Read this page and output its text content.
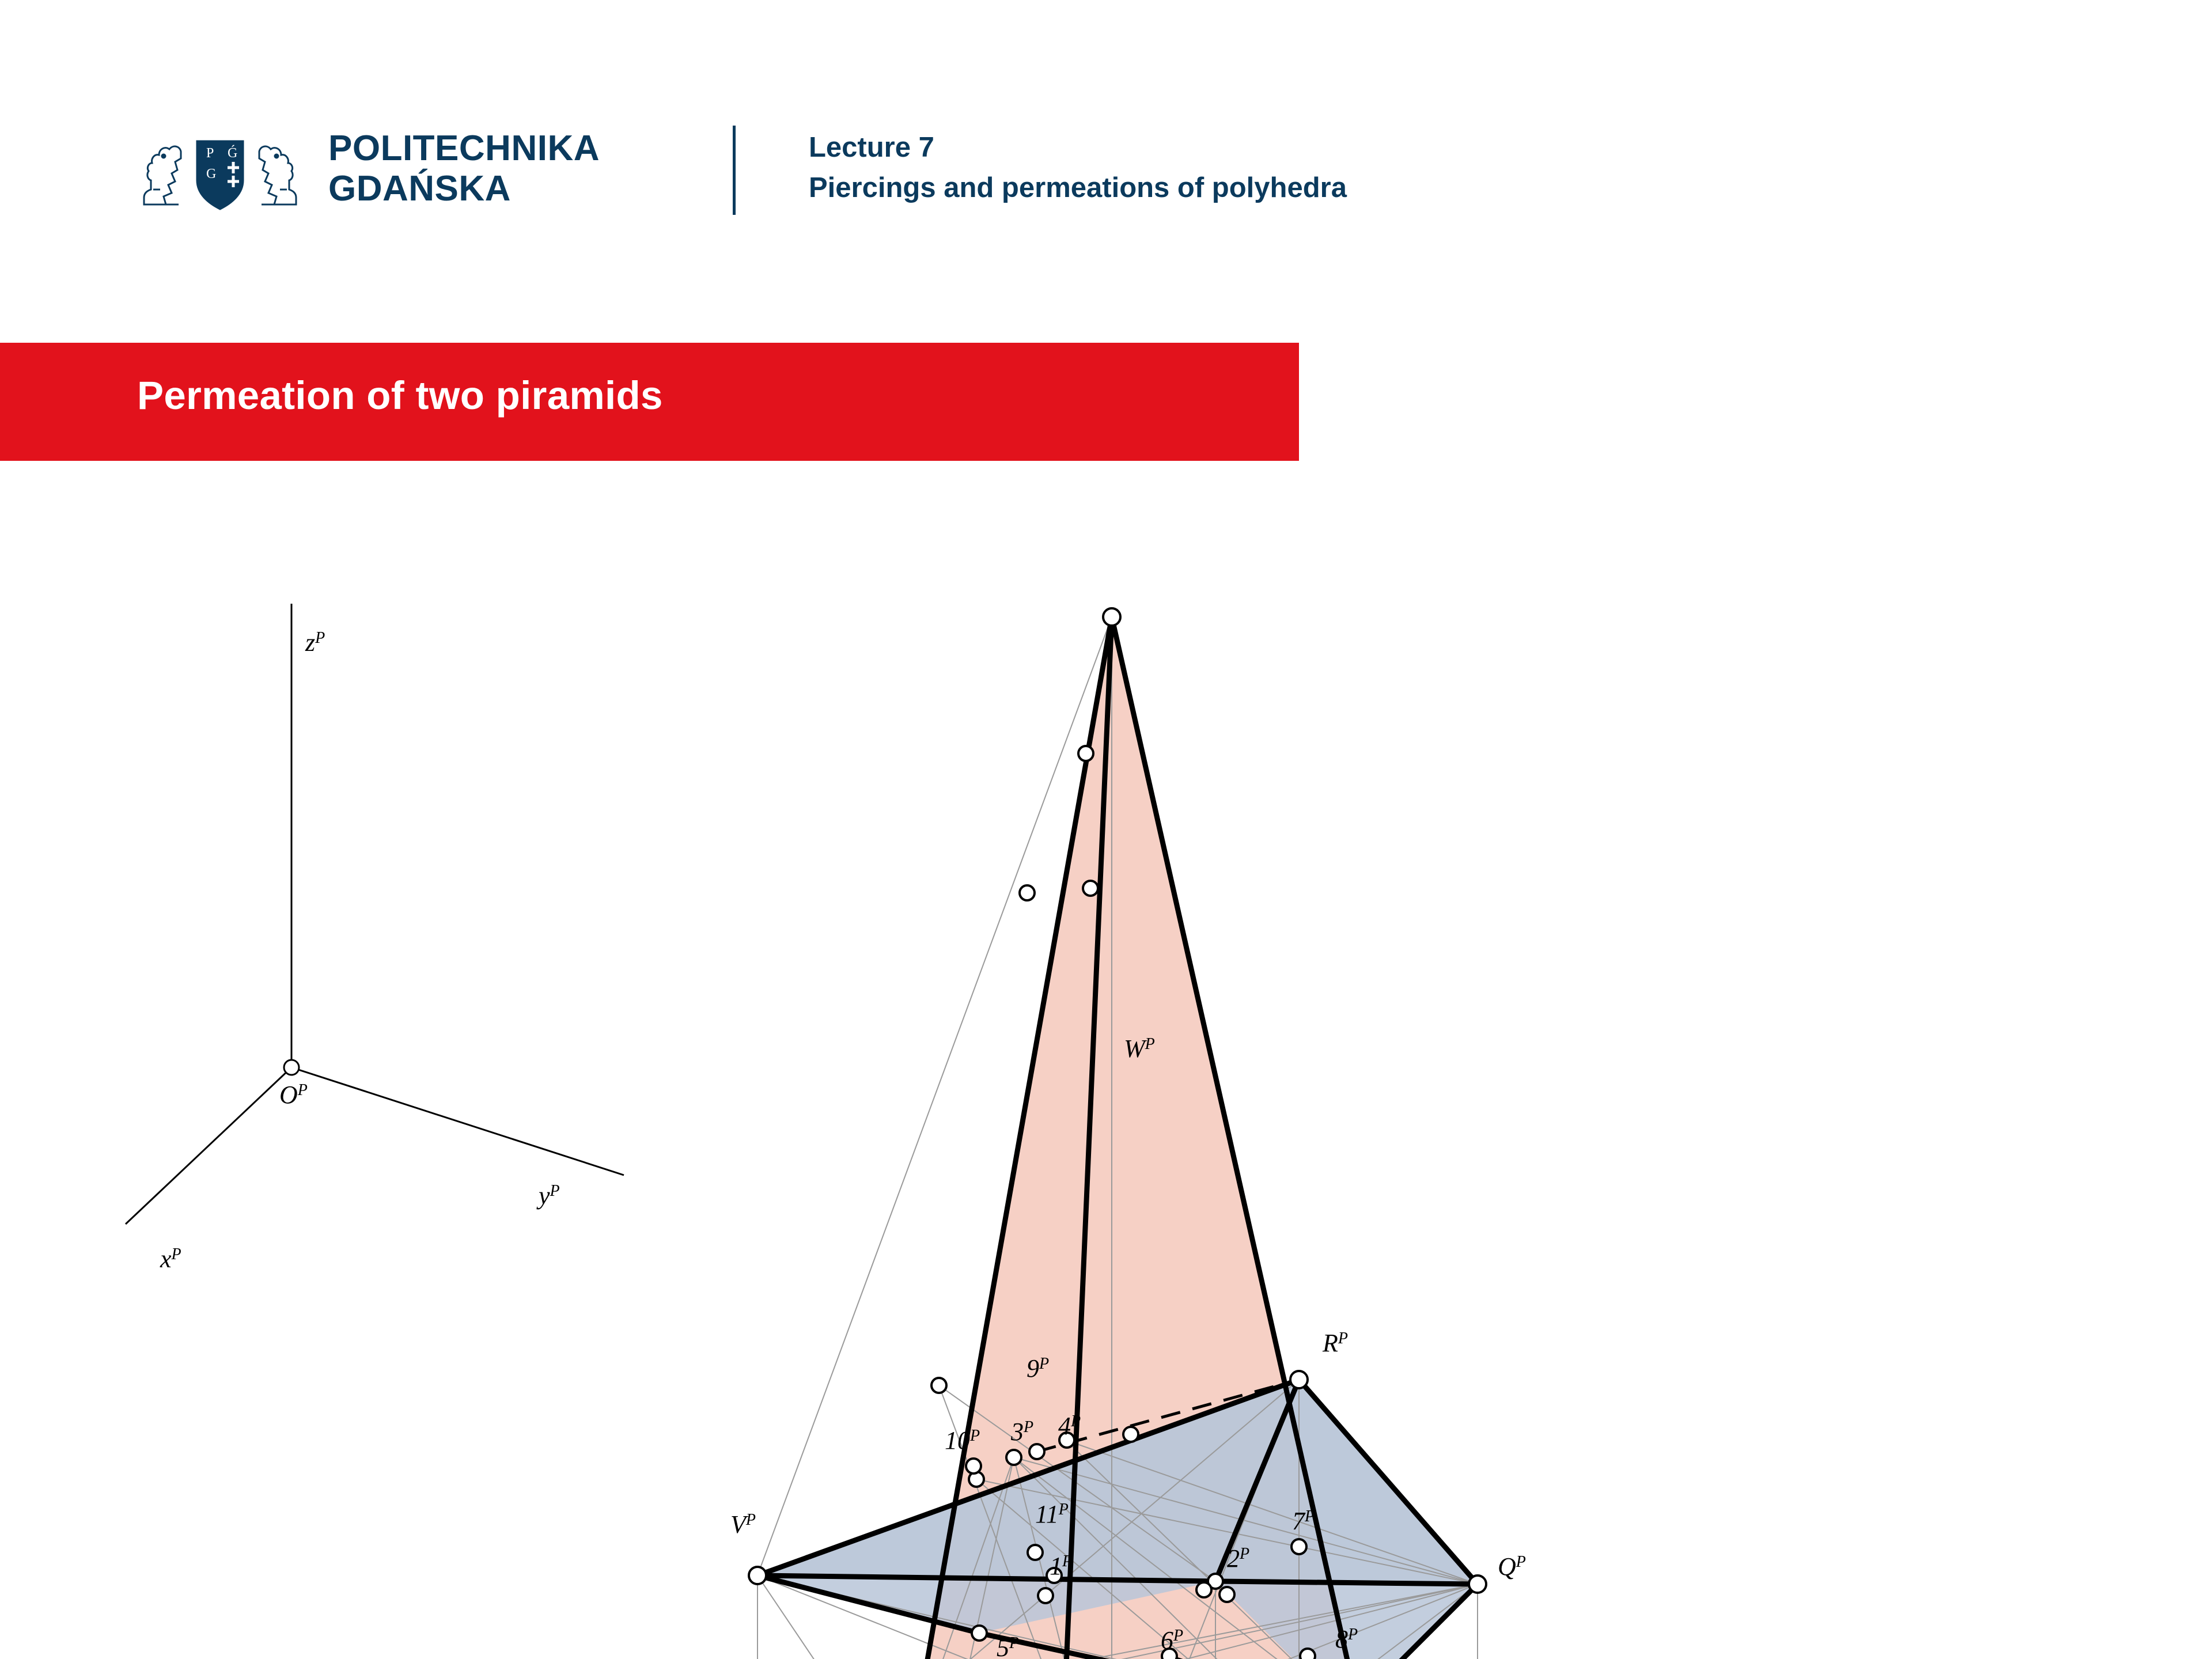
P
G
Ǵ	POLITECHNIKA
GDAŃSKA
Lecture 7
Piercings and permeations of polyhedra
Permeation of two piramids
$W^P$
$R^P$
$Q^P$
$V^P$
$1^P$	$2^P$
$3^P$ $4^P$
$5^P$	$6^P$
$7^P$
$8^P$
$9^P$
$10^P$
$11^P$
$z^P$
$y^P$
$x^P$
$O^P$
